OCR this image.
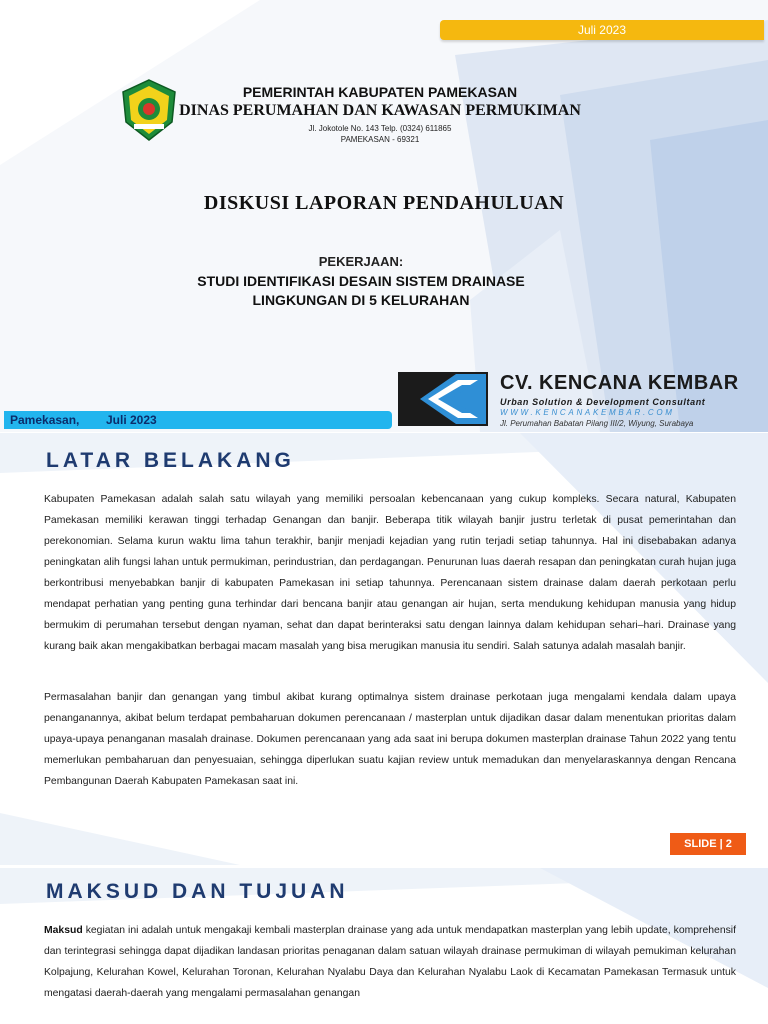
Juli 2023
PEMERINTAH KABUPATEN PAMEKASAN
DINAS PERUMAHAN DAN KAWASAN PERMUKIMAN
Jl. Jokotole No. 143 Telp. (0324) 611865
PAMEKASAN - 69321
DISKUSI LAPORAN PENDAHULUAN
PEKERJAAN:
STUDI IDENTIFIKASI DESAIN SISTEM DRAINASE
LINGKUNGAN DI 5 KELURAHAN
CV. KENCANA KEMBAR
Urban Solution & Development Consultant
WWW.KENCANAKEMBAR.COM
Jl. Perumahan Babatan Pilang III/2, Wiyung, Surabaya
Pamekasan, Juli 2023
LATAR BELAKANG

Kabupaten Pamekasan adalah salah satu wilayah yang memiliki persoalan kebencanaan yang cukup kompleks. Secara natural, Kabupaten Pamekasan memiliki kerawan tinggi terhadap Genangan dan banjir. Beberapa titik wilayah banjir justru terletak di pusat pemerintahan dan perekonomian. Selama kurun waktu lima tahun terakhir, banjir menjadi kejadian yang rutin terjadi setiap tahunnya. Hal ini disebabakan adanya peningkatan alih fungsi lahan untuk permukiman, perindustrian, dan perdagangan. Penurunan luas daerah resapan dan peningkatan curah hujan juga berkontribusi menyebabkan banjir di kabupaten Pamekasan ini setiap tahunnya. Perencanaan sistem drainase dalam daerah perkotaan perlu mendapat perhatian yang penting guna terhindar dari bencana banjir atau genangan air hujan, serta mendukung kehidupan manusia yang hidup bermukim di perumahan tersebut dengan nyaman, sehat dan dapat berinteraksi satu dengan lainnya dalam kehidupan sehari–hari. Drainase yang kurang baik akan mengakibatkan berbagai macam masalah yang bisa merugikan manusia itu sendiri. Salah satunya adalah masalah banjir.

Permasalahan banjir dan genangan yang timbul akibat kurang optimalnya sistem drainase perkotaan juga mengalami kendala dalam upaya penanganannya, akibat belum terdapat pembaharuan dokumen perencanaan / masterplan untuk dijadikan dasar dalam menentukan prioritas dalam upaya-upaya penanganan masalah drainase. Dokumen perencanaan yang ada saat ini berupa dokumen masterplan drainase Tahun 2022 yang tentu memerlukan pembaharuan dan penyesuaian, sehingga diperlukan suatu kajian review untuk memadukan dan menyelaraskannya dengan Rencana Pembangunan Daerah Kabupaten Pamekasan saat ini.

SLIDE | 2
MAKSUD DAN TUJUAN

Maksud kegiatan ini adalah untuk mengakaji kembali masterplan drainase yang ada untuk mendapatkan masterplan yang lebih update, komprehensif dan terintegrasi sehingga dapat dijadikan landasan prioritas penaganan dalam satuan wilayah drainase permukiman di wilayah pemukiman kelurahan Kolpajung, Kelurahan Kowel, Kelurahan Toronan, Kelurahan Nyalabu Daya dan Kelurahan Nyalabu Laok di Kecamatan Pamekasan Termasuk untuk mengatasi daerah-daerah yang mengalami permasalahan genangan
